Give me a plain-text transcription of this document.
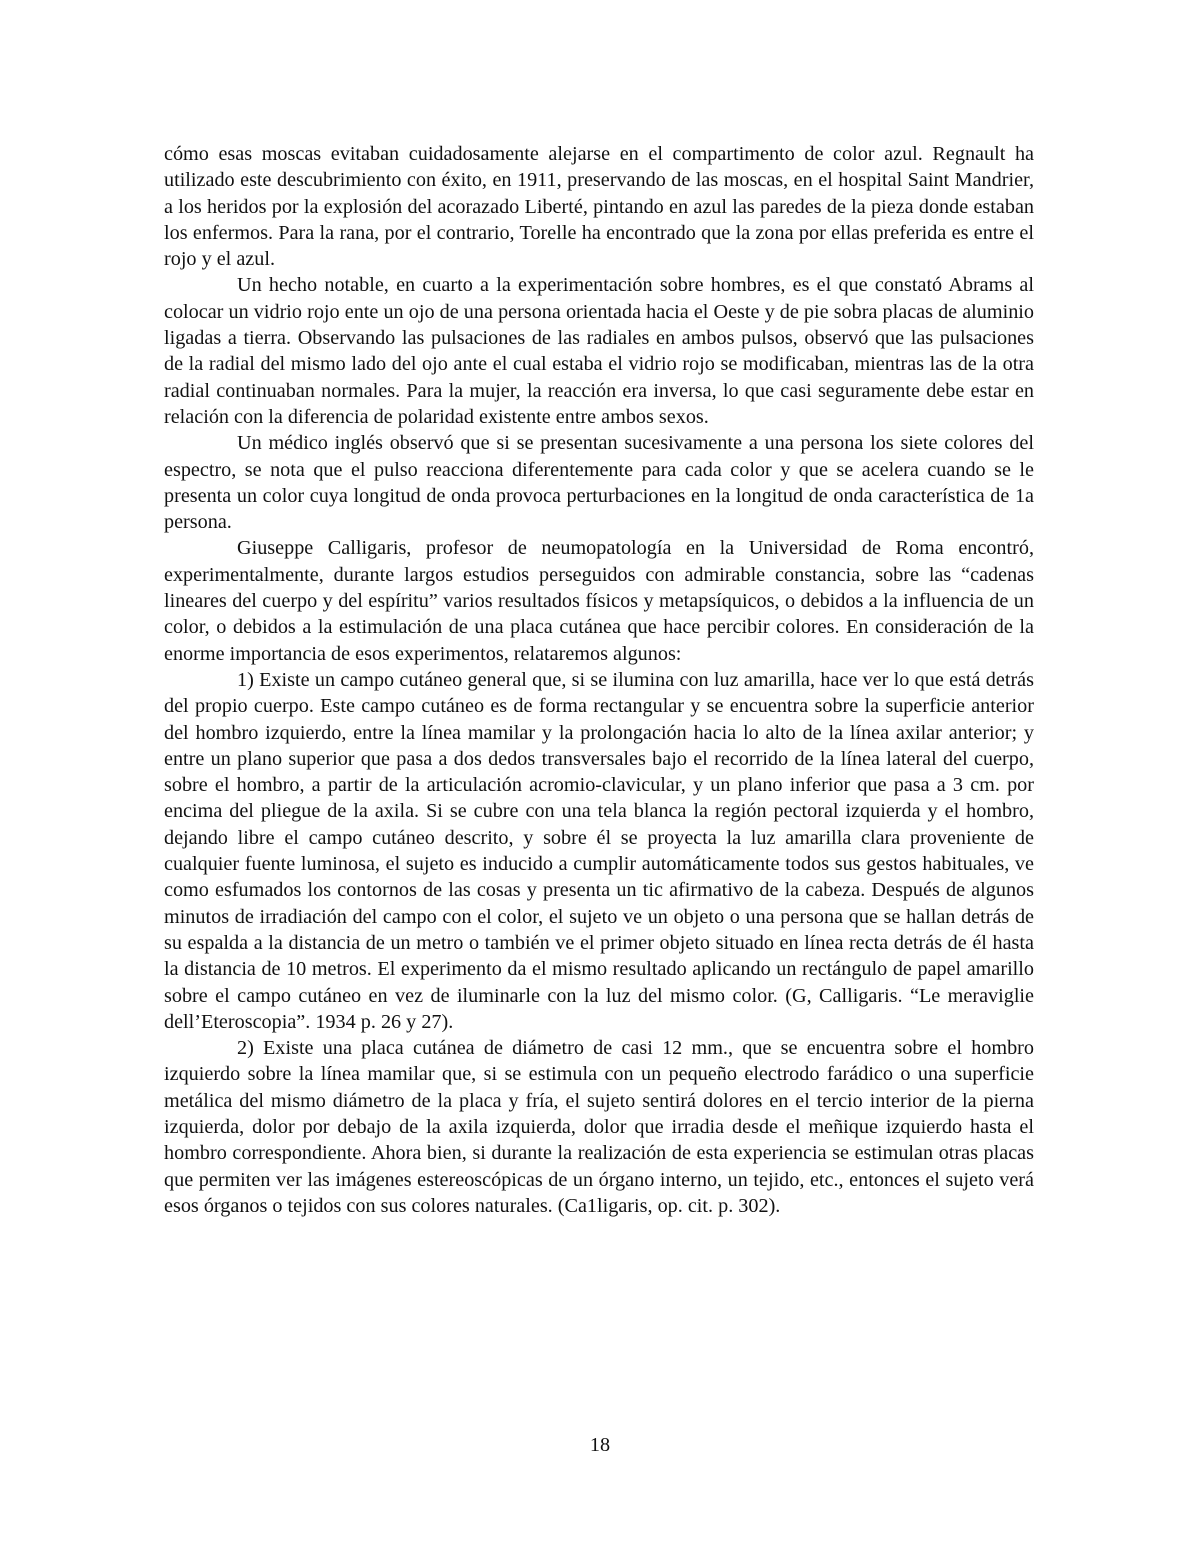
cómo esas moscas evitaban cuidadosamente alejarse en el compartimento de color azul. Regnault ha utilizado este descubrimiento con éxito, en 1911, preservando de las moscas, en el hospital Saint Mandrier, a los heridos por la explosión del acorazado Liberté, pintando en azul las paredes de la pieza donde estaban los enfermos. Para la rana, por el contrario, Torelle ha encontrado que la zona por ellas preferida es entre el rojo y el azul.

Un hecho notable, en cuarto a la experimentación sobre hombres, es el que constató Abrams al colocar un vidrio rojo ente un ojo de una persona orientada hacia el Oeste y de pie sobra placas de aluminio ligadas a tierra. Observando las pulsaciones de las radiales en ambos pulsos, observó que las pulsaciones de la radial del mismo lado del ojo ante el cual estaba el vidrio rojo se modificaban, mientras las de la otra radial continuaban normales. Para la mujer, la reacción era inversa, lo que casi seguramente debe estar en relación con la diferencia de polaridad existente entre ambos sexos.

Un médico inglés observó que si se presentan sucesivamente a una persona los siete colores del espectro, se nota que el pulso reacciona diferentemente para cada color y que se acelera cuando se le presenta un color cuya longitud de onda provoca perturbaciones en la longitud de onda característica de 1a persona.

Giuseppe Calligaris, profesor de neumopatología en la Universidad de Roma encontró, experimentalmente, durante largos estudios perseguidos con admirable constancia, sobre las “cadenas lineares del cuerpo y del espíritu” varios resultados físicos y metapsíquicos, o debidos a la influencia de un color, o debidos a la estimulación de una placa cutánea que hace percibir colores. En consideración de la enorme importancia de esos experimentos, relataremos algunos:

1) Existe un campo cutáneo general que, si se ilumina con luz amarilla, hace ver lo que está detrás del propio cuerpo. Este campo cutáneo es de forma rectangular y se encuentra sobre la superficie anterior del hombro izquierdo, entre la línea mamilar y la prolongación hacia lo alto de la línea axilar anterior; y entre un plano superior que pasa a dos dedos transversales bajo el recorrido de la línea lateral del cuerpo, sobre el hombro, a partir de la articulación acromio-clavicular, y un plano inferior que pasa a 3 cm. por encima del pliegue de la axila. Si se cubre con una tela blanca la región pectoral izquierda y el hombro, dejando libre el campo cutáneo descrito, y sobre él se proyecta la luz amarilla clara proveniente de cualquier fuente luminosa, el sujeto es inducido a cumplir automáticamente todos sus gestos habituales, ve como esfumados los contornos de las cosas y presenta un tic afirmativo de la cabeza. Después de algunos minutos de irradiación del campo con el color, el sujeto ve un objeto o una persona que se hallan detrás de su espalda a la distancia de un metro o también ve el primer objeto situado en línea recta detrás de él hasta la distancia de 10 metros. El experimento da el mismo resultado aplicando un rectángulo de papel amarillo sobre el campo cutáneo en vez de iluminarle con la luz del mismo color. (G, Calligaris. “Le meraviglie dell’Eteroscopia”. 1934 p. 26 y 27).

2) Existe una placa cutánea de diámetro de casi 12 mm., que se encuentra sobre el hombro izquierdo sobre la línea mamilar que, si se estimula con un pequeño electrodo farádico o una superficie metálica del mismo diámetro de la placa y fría, el sujeto sentirá dolores en el tercio interior de la pierna izquierda, dolor por debajo de la axila izquierda, dolor que irradia desde el meñique izquierdo hasta el hombro correspondiente. Ahora bien, si durante la realización de esta experiencia se estimulan otras placas que permiten ver las imágenes estereoscópicas de un órgano interno, un tejido, etc., entonces el sujeto verá esos órganos o tejidos con sus colores naturales. (Ca1ligaris, op. cit. p. 302).

18
